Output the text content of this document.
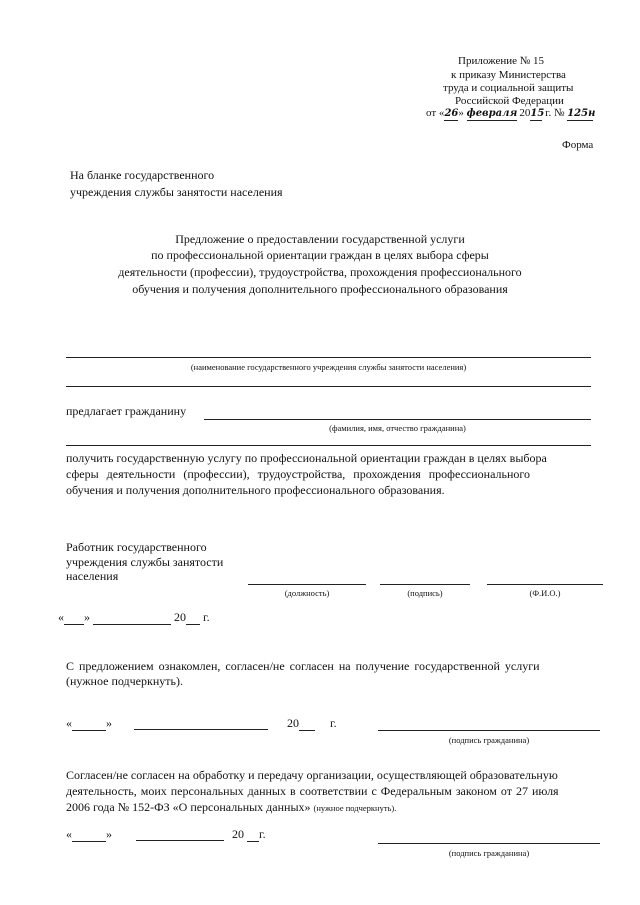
Приложение № 15
к приказу Министерства
труда и социальной защиты
Российской Федерации
от «26» февраля 2015 г. № 125н
Форма
На бланке государственного
учреждения службы занятости населения
Предложение о предоставлении государственной услуги
по профессиональной ориентации граждан в целях выбора сферы
деятельности (профессии), трудоустройства, прохождения профессионального
обучения и получения дополнительного профессионального образования
(наименование государственного учреждения службы занятости населения)
предлагает гражданину
(фамилия, имя, отчество гражданина)
получить государственную услугу по профессиональной ориентации граждан в целях выбора
сферы деятельности (профессии), трудоустройства, прохождения профессионального
обучения и получения дополнительного профессионального образования.
Работник государственного
учреждения службы занятости
населения
(должность)	(подпись)	(Ф.И.О.)
« »	20 г.
С предложением ознакомлен, согласен/не согласен на получение государственной услуги
(нужное подчеркнуть).
«	»	20	г.
(подпись гражданина)
Согласен/не согласен на обработку и передачу организации, осуществляющей образовательную
деятельность, моих персональных данных в соответствии с Федеральным законом от 27 июля
2006 года № 152-ФЗ «О персональных данных» (нужное подчеркнуть).
«	»	20 г.
(подпись гражданина)
